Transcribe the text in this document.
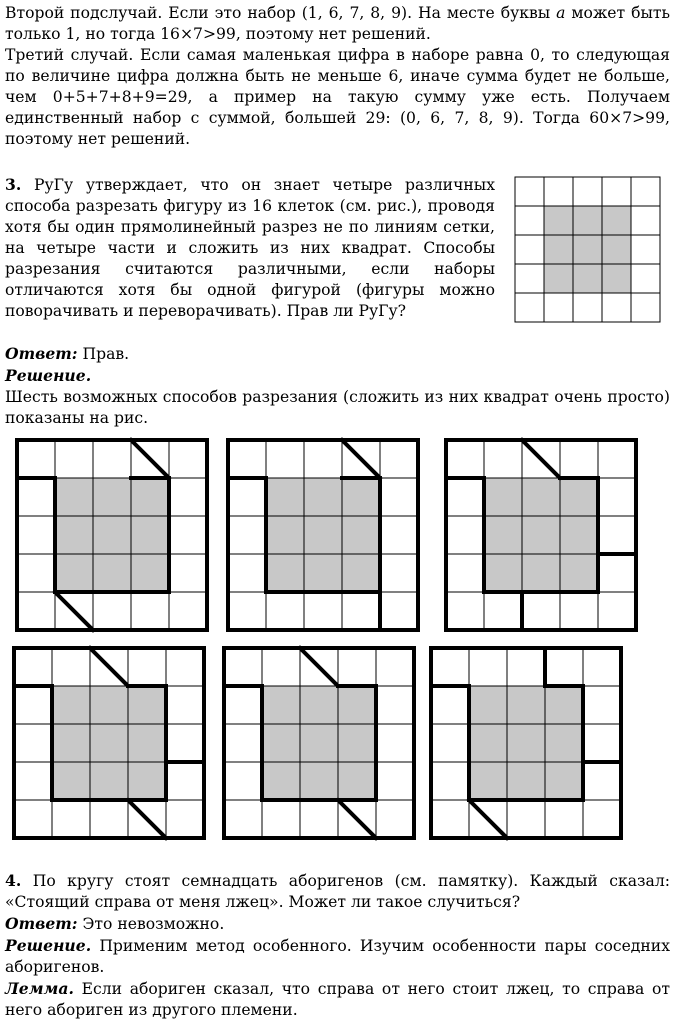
Второй подслучай. Если это набор (1, 6, 7, 8, 9). На месте буквы a может быть только 1, но тогда 16×7>99, поэтому нет решений.

Третий случай. Если самая маленькая цифра в наборе равна 0, то следующая по величине цифра должна быть не меньше 6, иначе сумма будет не больше, чем 0+5+7+8+9=29, а пример на такую сумму уже есть. Получаем единственный набор с суммой, большей 29: (0, 6, 7, 8, 9). Тогда 60×7>99, поэтому нет решений.

3. РуГу утверждает, что он знает четыре различных способа разрезать фигуру из 16 клеток (см. рис.), проводя хотя бы один прямолинейный разрез не по линиям сетки, на четыре части и сложить из них квадрат. Способы разрезания считаются различными, если наборы отличаются хотя бы одной фигурой (фигуры можно поворачивать и переворачивать). Прав ли РуГу?

Ответ: Прав.

Решение.

Шесть возможных способов разрезания (сложить из них квадрат очень просто) показаны на рис.

4. По кругу стоят семнадцать аборигенов (см. памятку). Каждый сказал: «Стоящий справа от меня лжец». Может ли такое случиться?

Ответ: Это невозможно.

Решение. Применим метод особенного. Изучим особенности пары соседних аборигенов.

Лемма. Если абориген сказал, что справа от него стоит лжец, то справа от него абориген из другого племени.
